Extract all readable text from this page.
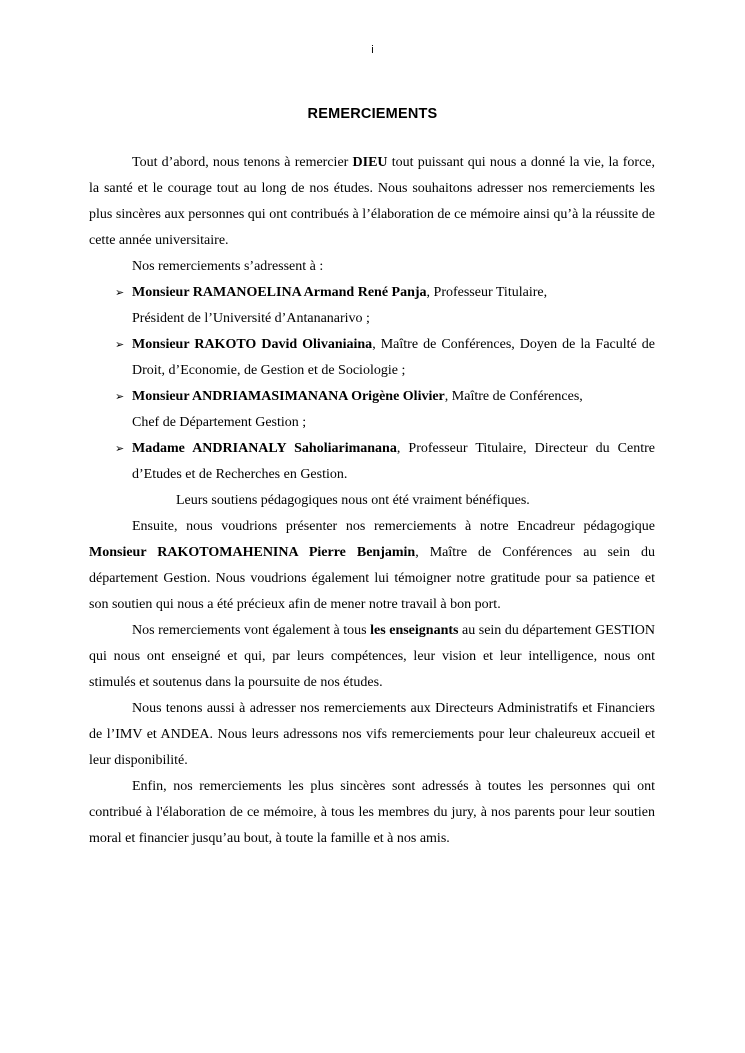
i
REMERCIEMENTS

Tout d’abord, nous tenons à remercier DIEU tout puissant qui nous a donné la vie, la force, la santé et le courage tout au long de nos études. Nous souhaitons adresser nos remerciements les plus sincères aux personnes qui ont contribués à l’élaboration de ce mémoire ainsi qu’à la réussite de cette année universitaire.

Nos remerciements s’adressent à :

➢ Monsieur RAMANOELINA Armand René Panja, Professeur Titulaire,
Président de l’Université d’Antananarivo ;
➢ Monsieur RAKOTO David Olivaniaina, Maître de Conférences, Doyen de la Faculté de Droit, d’Economie, de Gestion et de Sociologie ;
➢ Monsieur ANDRIAMASIMANANA Origène Olivier, Maître de Conférences,
Chef de Département Gestion ;
➢ Madame ANDRIANALY Saholiarimanana, Professeur Titulaire, Directeur du Centre d’Etudes et de Recherches en Gestion.

Leurs soutiens pédagogiques nous ont été vraiment bénéfiques.

Ensuite, nous voudrions présenter nos remerciements à notre Encadreur pédagogique Monsieur RAKOTOMAHENINA Pierre Benjamin, Maître de Conférences au sein du département Gestion. Nous voudrions également lui témoigner notre gratitude pour sa patience et son soutien qui nous a été précieux afin de mener notre travail à bon port.

Nos remerciements vont également à tous les enseignants au sein du département GESTION qui nous ont enseigné et qui, par leurs compétences, leur vision et leur intelligence, nous ont stimulés et soutenus dans la poursuite de nos études.

Nous tenons aussi à adresser nos remerciements aux Directeurs Administratifs et Financiers de l’IMV et ANDEA. Nous leurs adressons nos vifs remerciements pour leur chaleureux accueil et leur disponibilité.

Enfin, nos remerciements les plus sincères sont adressés à toutes les personnes qui ont contribué à l'élaboration de ce mémoire, à tous les membres du jury, à nos parents pour leur soutien moral et financier jusqu’au bout, à toute la famille et à nos amis.
